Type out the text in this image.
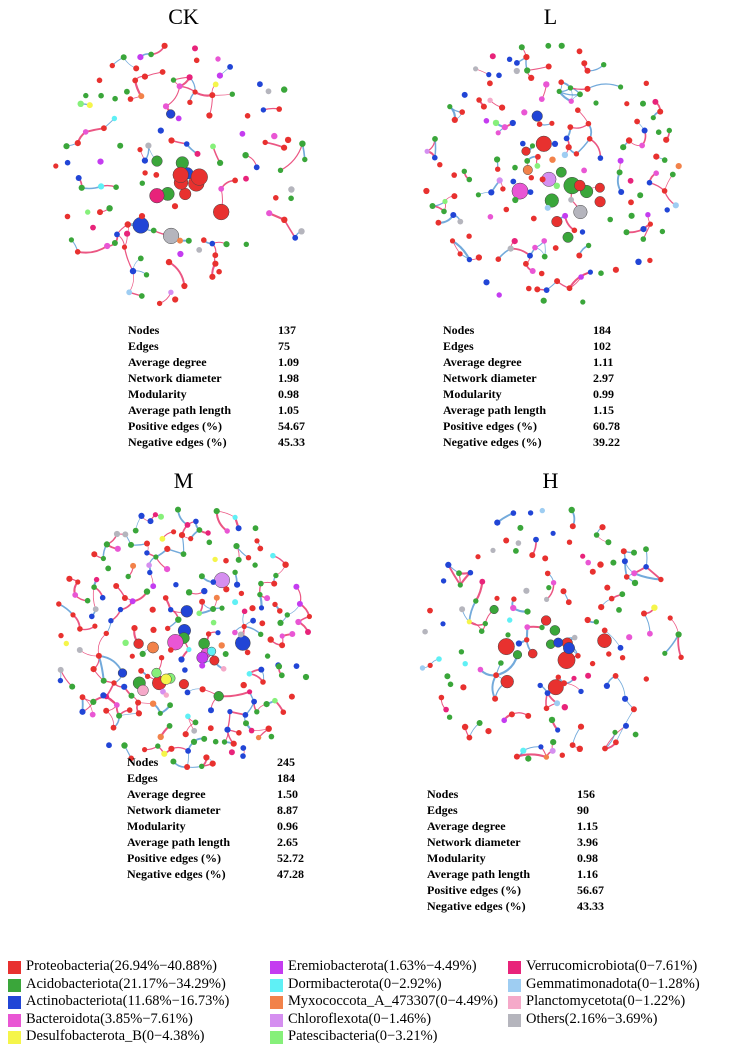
CK
Nodes	137
Edges	75
Average degree	1.09
Network diameter	1.98
Modularity	0.98
Average path length	1.05
Positive edges (%)	54.67
Negative edges (%)	45.33
L
Nodes	184
Edges	102
Average degree	1.11
Network diameter	2.97
Modularity	0.99
Average path length	1.15
Positive edges (%)	60.78
Negative edges (%)	39.22
M
Nodes	245
Edges	184
Average degree	1.50
Network diameter	8.87
Modularity	0.96
Average path length	2.65
Positive edges (%)	52.72
Negative edges (%)	47.28
H
Nodes	156
Edges	90
Average degree	1.15
Network diameter	3.96
Modularity	0.98
Average path length	1.16
Positive edges (%)	56.67
Negative edges (%)	43.33
Proteobacteria(26.94%−40.88%)	Eremiobacterota(1.63%−4.49%)	Verrucomicrobiota(0−7.61%)
Acidobacteriota(21.17%−34.29%)	Dormibacterota(0−2.92%)	Gemmatimonadota(0−1.28%)
Actinobacteriota(11.68%−16.73%)	Myxococcota_A_473307(0−4.49%) Planctomycetota(0−1.22%)
Bacteroidota(3.85%−7.61%)	Chloroflexota(0−1.46%)	Others(2.16%−3.69%)
Desulfobacterota_B(0−4.38%)	Patescibacteria(0−3.21%)
